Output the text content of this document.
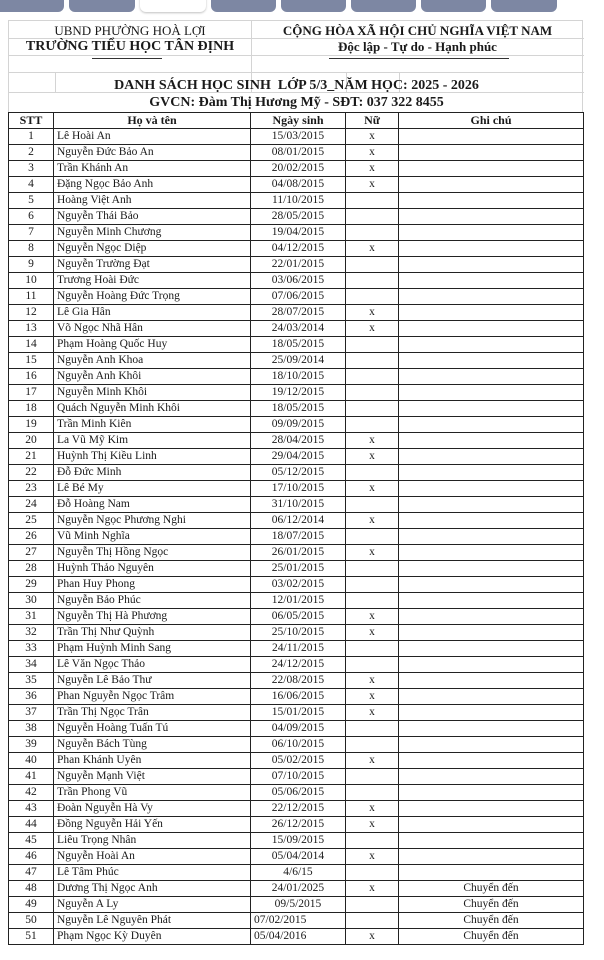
UBND PHƯỜNG HOÀ LỢI
TRƯỜNG TIỂU HỌC TÂN ĐỊNH
CỘNG HÒA XÃ HỘI CHỦ NGHĨA VIỆT NAM
Độc lập - Tự do - Hạnh phúc
DANH SÁCH HỌC SINH  LỚP 5/3_NĂM HỌC: 2025 - 2026
GVCN: Đàm Thị Hương Mỹ - SĐT: 037 322 8455
STT	Họ và tên	Ngày sinh	Nữ	Ghi chú
1	Lê Hoài An	15/03/2015	x	
2	Nguyễn Đức Bảo An	08/01/2015	x	
3	Trần Khánh An	20/02/2015	x	
4	Đặng Ngọc Bảo Anh	04/08/2015	x	
5	Hoàng Việt Anh	11/10/2015		
6	Nguyễn Thái Bảo	28/05/2015		
7	Nguyễn Minh Chương	19/04/2015		
8	Nguyễn Ngọc Diệp	04/12/2015	x	
9	Nguyễn Trường Đạt	22/01/2015		
10	Trương Hoài Đức	03/06/2015		
11	Nguyễn Hoàng Đức Trọng	07/06/2015		
12	Lê Gia Hân	28/07/2015	x	
13	Võ Ngọc Nhã Hân	24/03/2014	x	
14	Phạm Hoàng Quốc Huy	18/05/2015		
15	Nguyễn Anh Khoa	25/09/2014		
16	Nguyễn Anh Khôi	18/10/2015		
17	Nguyễn Minh Khôi	19/12/2015		
18	Quách Nguyễn Minh Khôi	18/05/2015		
19	Trần Minh Kiên	09/09/2015		
20	La Vũ Mỹ Kim	28/04/2015	x	
21	Huỳnh Thị Kiều Linh	29/04/2015	x	
22	Đỗ Đức Minh	05/12/2015		
23	Lê Bé My	17/10/2015	x	
24	Đỗ Hoàng Nam	31/10/2015		
25	Nguyễn Ngọc Phương Nghi	06/12/2014	x	
26	Vũ Minh Nghĩa	18/07/2015		
27	Nguyễn Thị Hồng Ngọc	26/01/2015	x	
28	Huỳnh Thảo Nguyên	25/01/2015		
29	Phan Huy Phong	03/02/2015		
30	Nguyễn Bảo Phúc	12/01/2015		
31	Nguyễn Thị Hà Phương	06/05/2015	x	
32	Trần Thị Như Quỳnh	25/10/2015	x	
33	Phạm Huỳnh Minh Sang	24/11/2015		
34	Lê Văn Ngọc Thảo	24/12/2015		
35	Nguyễn Lê Bảo Thư	22/08/2015	x	
36	Phan Nguyễn Ngọc Trâm	16/06/2015	x	
37	Trần Thị Ngọc Trân	15/01/2015	x	
38	Nguyễn Hoàng Tuấn Tú	04/09/2015		
39	Nguyễn Bách Tùng	06/10/2015		
40	Phan Khánh Uyên	05/02/2015	x	
41	Nguyễn Mạnh Việt	07/10/2015		
42	Trần Phong Vũ	05/06/2015		
43	Đoàn Nguyễn Hà Vy	22/12/2015	x	
44	Đồng Nguyễn Hải Yến	26/12/2015	x	
45	Liêu Trọng Nhân	15/09/2015		
46	Nguyễn Hoài An	05/04/2014	x	
47	Lê Tâm Phúc	4/6/15		
48	Dương Thị Ngọc Anh	24/01/2025	x	Chuyển đến
49	Nguyễn A Ly	09/5/2015		Chuyển đến
50	Nguyễn Lê Nguyên Phát	07/02/2015		Chuyển đến
51	Phạm Ngọc Kỳ Duyên	05/04/2016	x	Chuyển đến
